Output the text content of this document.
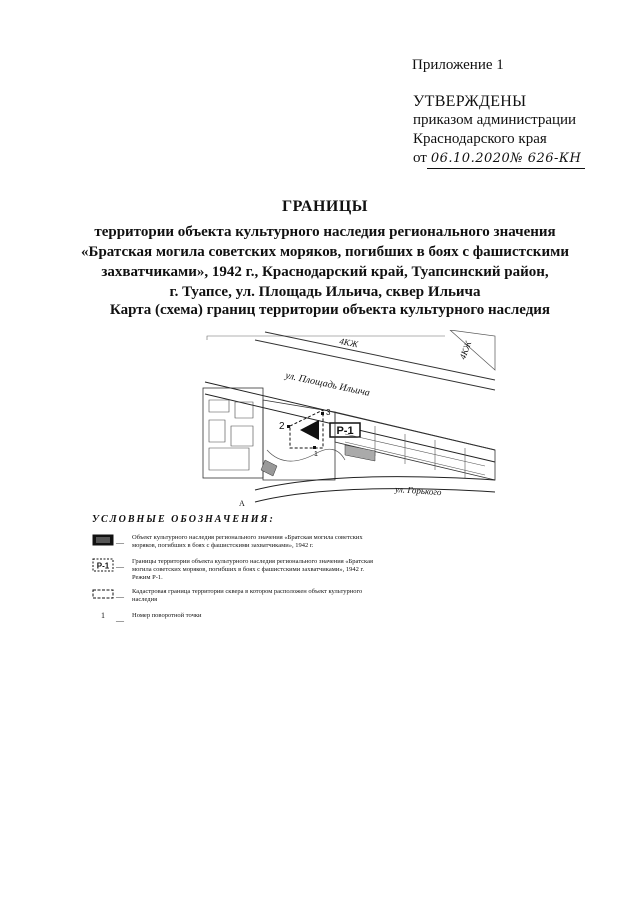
Приложение 1
УТВЕРЖДЕНЫ
приказом администрации
Краснодарского края
от 06.10.2020№ 626-КН
ГРАНИЦЫ
территории объекта культурного наследия регионального значения
«Братская могила советских моряков, погибших в боях с фашистскими
захватчиками», 1942 г., Краснодарский край, Туапсинский район,
г. Туапсе, ул. Площадь Ильича, сквер Ильича
Карта (схема) границ территории объекта культурного наследия
Р-1
2
3
1
ул. Площадь Ильича
ул. Горького
4КЖ	4КЖ
А
УСЛОВНЫЕ ОБОЗНАЧЕНИЯ:
—
Объект культурного наследия регионального значения «Братская могила советских моряков, погибших в боях с фашистскими захватчиками», 1942 г.
Р-1 —
Границы территории объекта культурного наследия регионального значения «Братская могила советских моряков, погибших в боях с фашистскими захватчиками», 1942 г. Режим Р-1.
—
Кадастровая граница территории сквера в котором расположен объект культурного наследия
1
—
Номер поворотной точки
